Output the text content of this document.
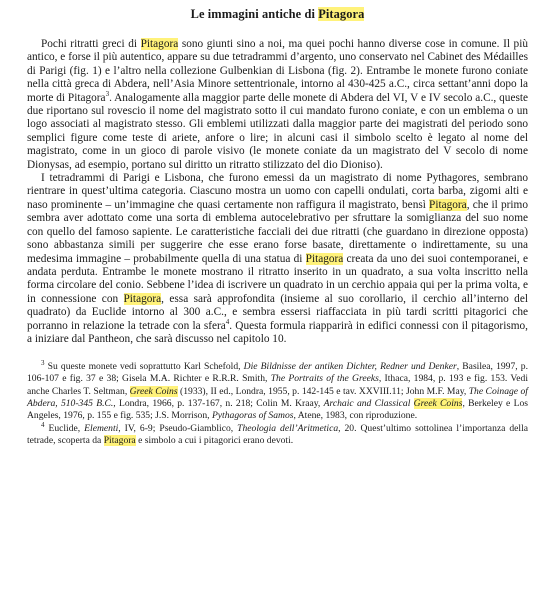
Le immagini antiche di Pitagora

Pochi ritratti greci di Pitagora sono giunti sino a noi, ma quei pochi hanno diverse cose in comune. Il più antico, e forse il più autentico, appare su due tetradrammi d’argento, uno conservato nel Cabinet des Médailles di Parigi (fig. 1) e l’altro nella collezione Gulbenkian di Lisbona (fig. 2). Entrambe le monete furono coniate nella città greca di Abdera, nell’Asia Minore settentrionale, intorno al 430-425 a.C., circa settant’anni dopo la morte di Pitagora$^3$. Analogamente alla maggior parte delle monete di Abdera del VI, V e IV secolo a.C., queste due riportano sul rovescio il nome del magistrato sotto il cui mandato furono coniate, e con un emblema o un logo associati al magistrato stesso. Gli emblemi utilizzati dalla maggior parte dei magistrati del periodo sono semplici figure come teste di ariete, anfore o lire; in alcuni casi il simbolo scelto è legato al nome del magistrato, come in un gioco di parole visivo (le monete coniate da un magistrato del V secolo di nome Dionysas, ad esempio, portano sul diritto un ritratto stilizzato del dio Dioniso).

I tetradrammi di Parigi e Lisbona, che furono emessi da un magistrato di nome Pythagores, sembrano rientrare in quest’ultima categoria. Ciascuno mostra un uomo con capelli ondulati, corta barba, zigomi alti e naso prominente – un’immagine che quasi certamente non raffigura il magistrato, bensì Pitagora, che il primo sembra aver adottato come una sorta di emblema autocelebrativo per sfruttare la somiglianza del suo nome con quello del famoso sapiente. Le caratteristiche facciali dei due ritratti (che guardano in direzione opposta) sono abbastanza simili per suggerire che esse erano forse basate, direttamente o indirettamente, su una medesima immagine – probabilmente quella di una statua di Pitagora creata da uno dei suoi contemporanei, e andata perduta. Entrambe le monete mostrano il ritratto inserito in un quadrato, a sua volta inscritto nella forma circolare del conio. Sebbene l’idea di iscrivere un quadrato in un cerchio appaia qui per la prima volta, e in connessione con Pitagora, essa sarà approfondita (insieme al suo corollario, il cerchio all’interno del quadrato) da Euclide intorno al 300 a.C., e sembra essersi riaffacciata in più tardi scritti pitagorici che porranno in relazione la tetrade con la sfera$^4$. Questa formula riapparirà in edifici connessi con il pitagorismo, a iniziare dal Pantheon, che sarà discusso nel capitolo 10.

$^3$ Su queste monete vedi soprattutto Karl Schefold, Die Bildnisse der antiken Dichter, Redner und Denker, Basilea, 1997, p. 106-107 e fig. 37 e 38; Gisela M.A. Richter e R.R.R. Smith, The Portraits of the Greeks, Ithaca, 1984, p. 193 e fig. 153. Vedi anche Charles T. Seltman, Greek Coins (1933), II ed., Londra, 1955, p. 142-145 e tav. XXVIII.11; John M.F. May, The Coinage of Abdera, 510-345 B.C., Londra, 1966, p. 137-167, n. 218; Colin M. Kraay, Archaic and Classical Greek Coins, Berkeley e Los Angeles, 1976, p. 155 e fig. 535; J.S. Morrison, Pythagoras of Samos, Atene, 1983, con riproduzione.

$^4$ Euclide, Elementi, IV, 6-9; Pseudo-Giamblico, Theologia dell’Aritmetica, 20. Quest’ultimo sottolinea l’importanza della tetrade, scoperta da Pitagora e simbolo a cui i pitagorici erano devoti.
